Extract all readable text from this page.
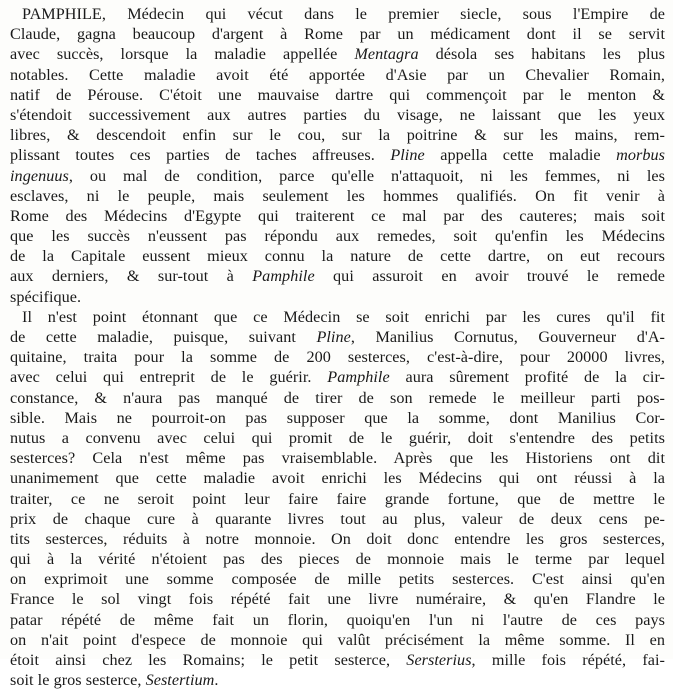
PAMPHILE, Médecin qui vécut dans le premier siecle, sous l'Empire de
Claude, gagna beaucoup d'argent à Rome par un médicament dont il se servit
avec succès, lorsque la maladie appellée Mentagra désola ses habitans les plus
notables. Cette maladie avoit été apportée d'Asie par un Chevalier Romain,
natif de Pérouse. C'étoit une mauvaise dartre qui commençoit par le menton &
s'étendoit successivement aux autres parties du visage, ne laissant que les yeux
libres, & descendoit enfin sur le cou, sur la poitrine & sur les mains, rem-
plissant toutes ces parties de taches affreuses. Pline appella cette maladie morbus
ingenuus, ou mal de condition, parce qu'elle n'attaquoit, ni les femmes, ni les
esclaves, ni le peuple, mais seulement les hommes qualifiés. On fit venir à
Rome des Médecins d'Egypte qui traiterent ce mal par des cauteres; mais soit
que les succès n'eussent pas répondu aux remedes, soit qu'enfin les Médecins
de la Capitale eussent mieux connu la nature de cette dartre, on eut recours
aux derniers, & sur-tout à Pamphile qui assuroit en avoir trouvé le remede
spécifique.
Il n'est point étonnant que ce Médecin se soit enrichi par les cures qu'il fit
de cette maladie, puisque, suivant Pline, Manilius Cornutus, Gouverneur d'A-
quitaine, traita pour la somme de 200 sesterces, c'est-à-dire, pour 20000 livres,
avec celui qui entreprit de le guérir. Pamphile aura sûrement profité de la cir-
constance, & n'aura pas manqué de tirer de son remede le meilleur parti pos-
sible. Mais ne pourroit-on pas supposer que la somme, dont Manilius Cor-
nutus a convenu avec celui qui promit de le guérir, doit s'entendre des petits
sesterces? Cela n'est même pas vraisemblable. Après que les Historiens ont dit
unanimement que cette maladie avoit enrichi les Médecins qui ont réussi à la
traiter, ce ne seroit point leur faire faire grande fortune, que de mettre le
prix de chaque cure à quarante livres tout au plus, valeur de deux cens pe-
tits sesterces, réduits à notre monnoie. On doit donc entendre les gros sesterces,
qui à la vérité n'étoient pas des pieces de monnoie mais le terme par lequel
on exprimoit une somme composée de mille petits sesterces. C'est ainsi qu'en
France le sol vingt fois répété fait une livre numéraire, & qu'en Flandre le
patar répété de même fait un florin, quoiqu'en l'un ni l'autre de ces pays
on n'ait point d'espece de monnoie qui valût précisément la même somme. Il en
étoit ainsi chez les Romains; le petit sesterce, Sersterius, mille fois répété, fai-
soit le gros sesterce, Sestertium.
